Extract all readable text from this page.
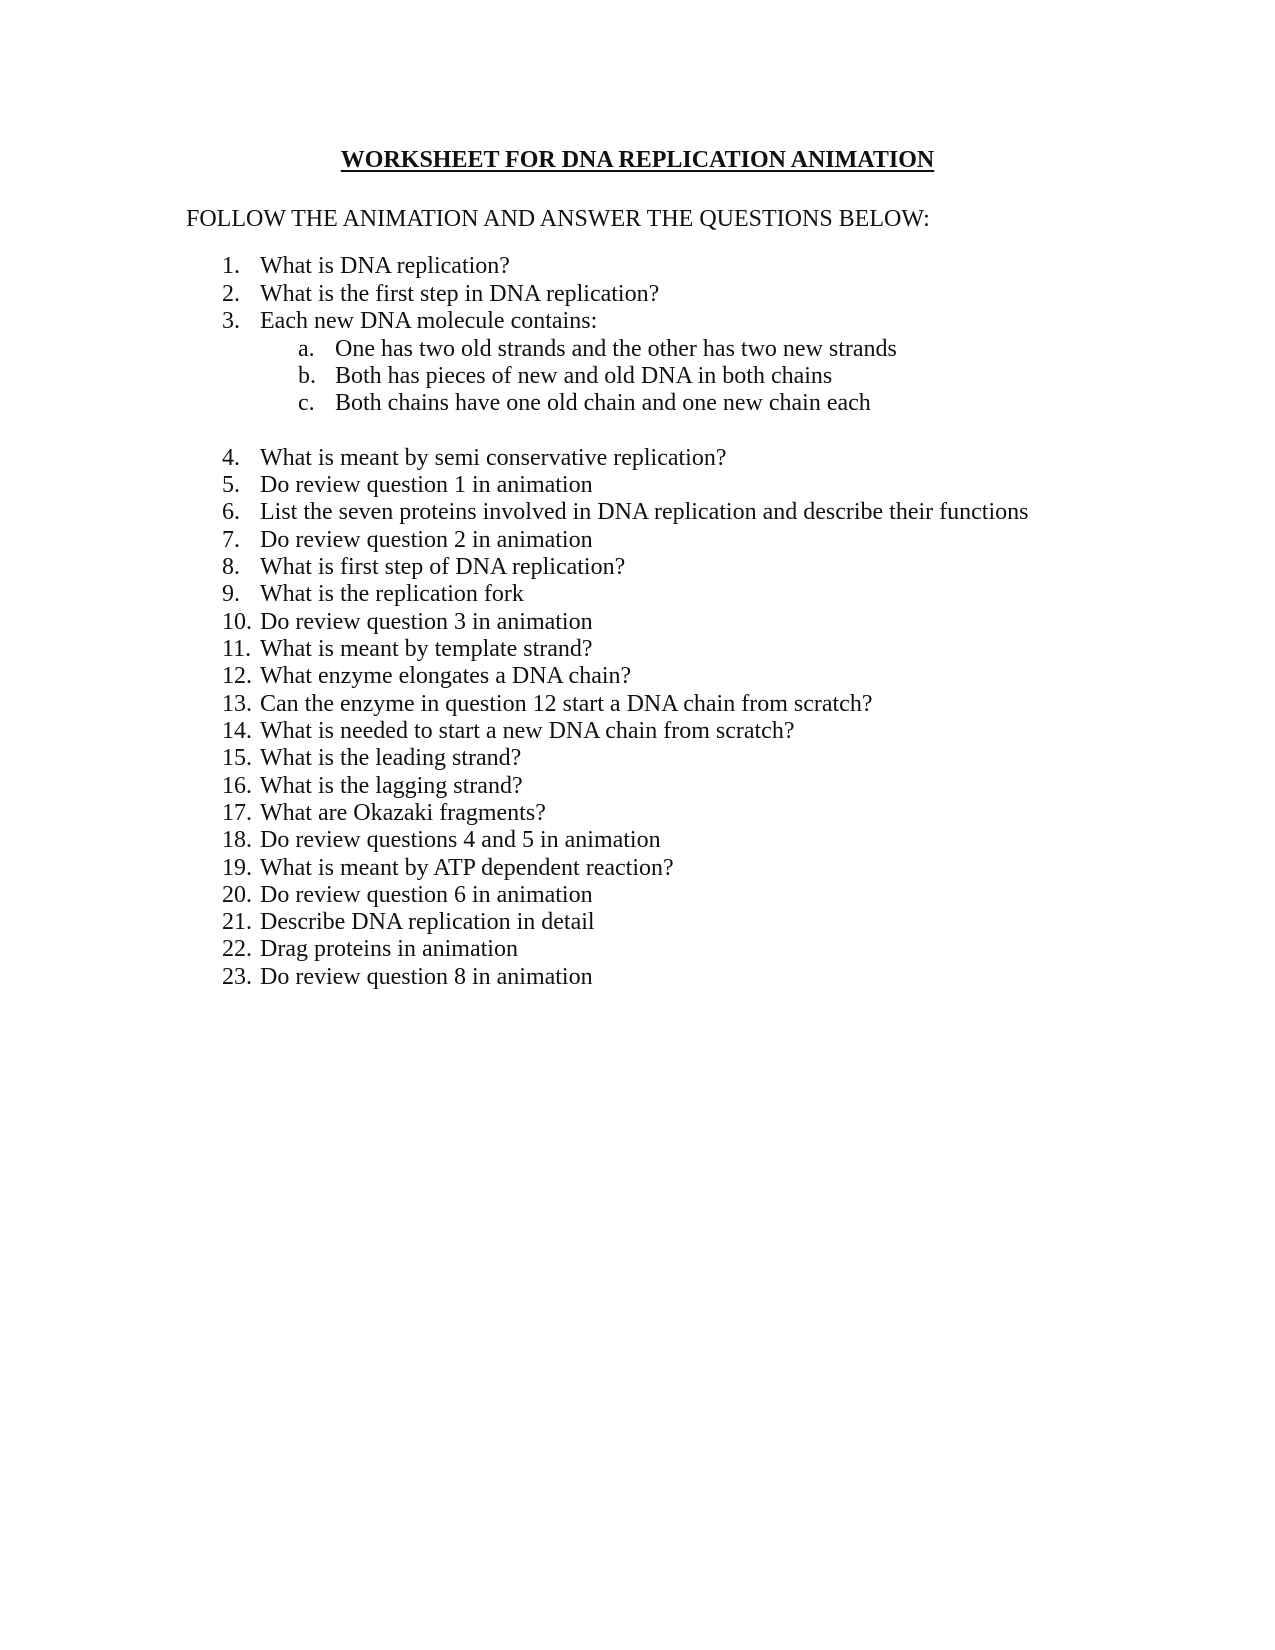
WORKSHEET FOR DNA REPLICATION ANIMATION
FOLLOW THE ANIMATION AND ANSWER THE QUESTIONS BELOW:
1. What is DNA replication?
2. What is the first step in DNA replication?
3. Each new DNA molecule contains:
a. One has two old strands and the other has two new strands
b. Both has pieces of new and old DNA in both chains
c. Both chains have one old chain and one new chain each
4. What is meant by semi conservative replication?
5. Do review question 1 in animation
6. List the seven proteins involved in DNA replication and describe their functions
7. Do review question 2 in animation
8. What is first step of DNA replication?
9. What is the replication fork
10. Do review question 3 in animation
11. What is meant by template strand?
12. What enzyme elongates a DNA chain?
13. Can the enzyme in question 12 start a DNA chain from scratch?
14. What is needed to start a new DNA chain from scratch?
15. What is the leading strand?
16. What is the lagging strand?
17. What are Okazaki fragments?
18. Do review questions 4 and 5 in animation
19. What is meant by ATP dependent reaction?
20. Do review question 6 in animation
21. Describe DNA replication in detail
22. Drag proteins in animation
23. Do review question 8 in animation
